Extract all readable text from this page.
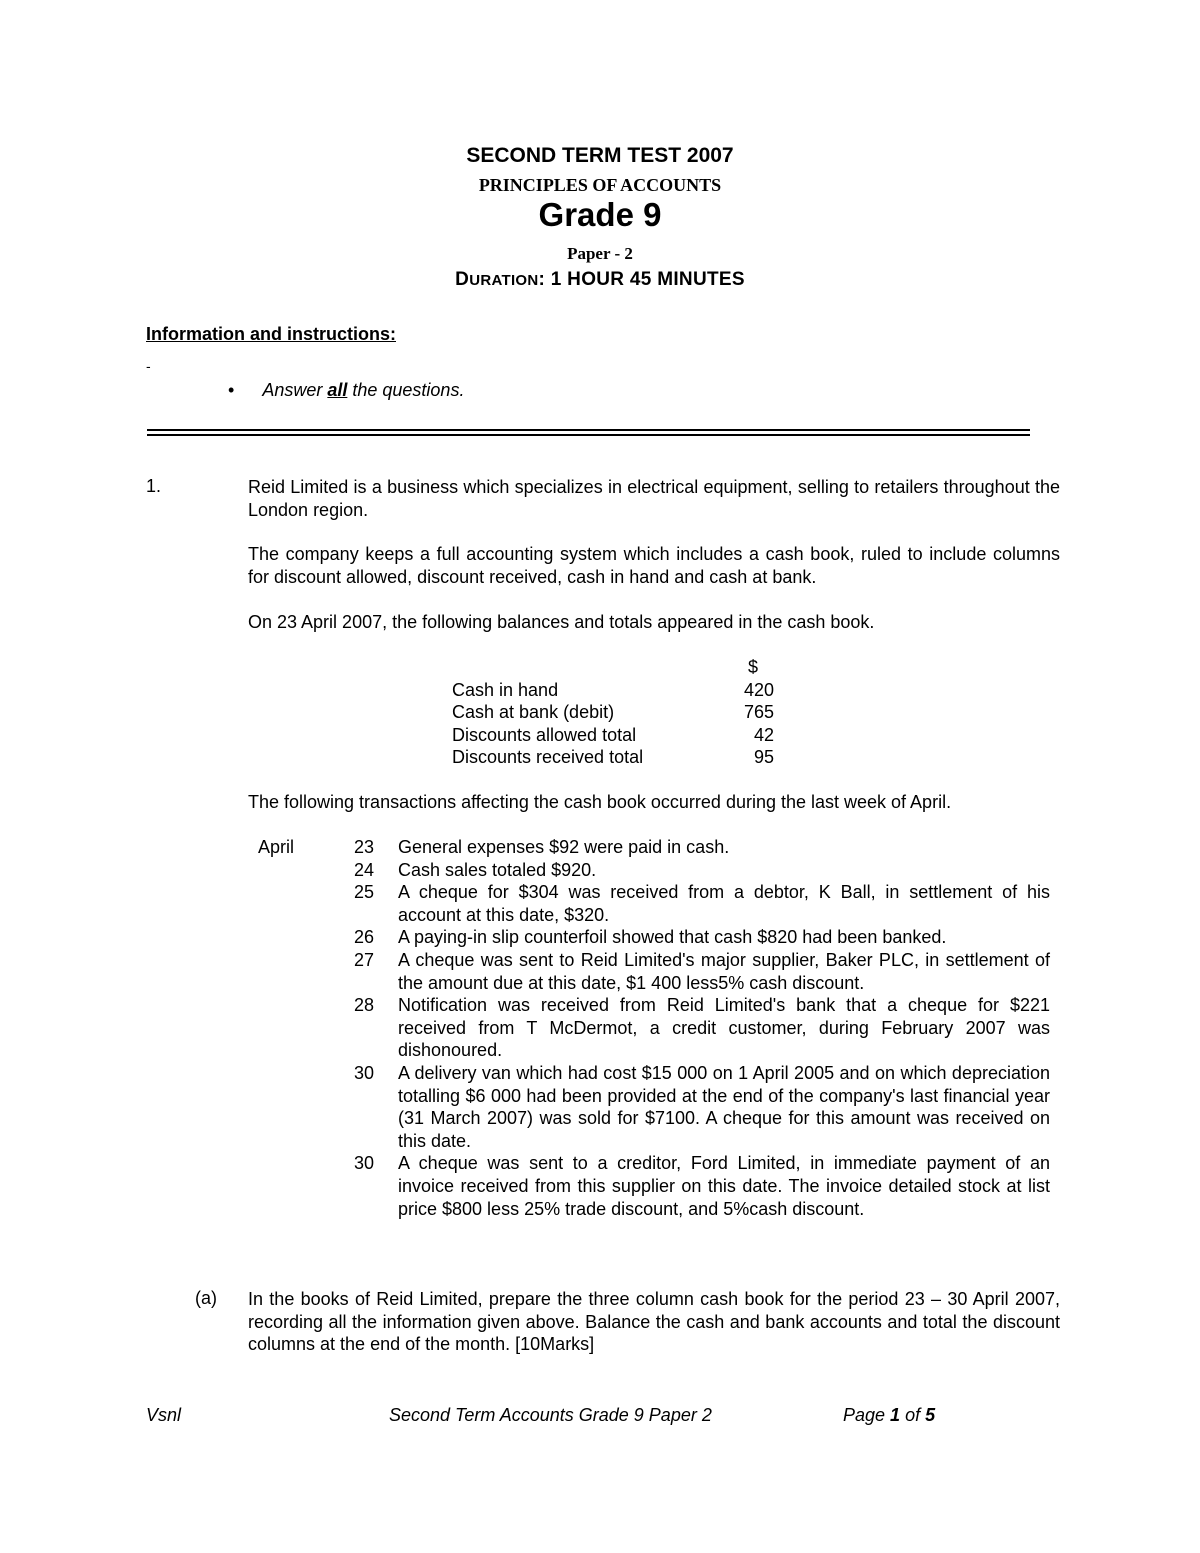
SECOND TERM TEST 2007
PRINCIPLES OF ACCOUNTS
Grade 9
Paper - 2
DURATION: 1 HOUR 45 MINUTES
Information and instructions:
-
• Answer all the questions.
1.	Reid Limited is a business which specializes in electrical equipment, selling to retailers throughout the London region.
The company keeps a full accounting system which includes a cash book, ruled to include columns for discount allowed, discount received, cash in hand and cash at bank.
On 23 April 2007, the following balances and totals appeared in the cash book.
$
Cash in hand	420
Cash at bank (debit)	765
Discounts allowed total	42
Discounts received total	95
The following transactions affecting the cash book occurred during the last week of April.
April	23	General expenses $92 were paid in cash.
24	Cash sales totaled $920.
25	A cheque for $304 was received from a debtor, K Ball, in settlement of his account at this date, $320.
26	A paying-in slip counterfoil showed that cash $820 had been banked.
27	A cheque was sent to Reid Limited's major supplier, Baker PLC, in settlement of the amount due at this date, $1 400 less5% cash discount.
28	Notification was received from Reid Limited's bank that a cheque for $221 received from T McDermot, a credit customer, during February 2007 was dishonoured.
30	A delivery van which had cost $15 000 on 1 April 2005 and on which depreciation totalling $6 000 had been provided at the end of the company's last financial year (31 March 2007) was sold for $7100. A cheque for this amount was received on this date.
30	A cheque was sent to a creditor, Ford Limited, in immediate payment of an invoice received from this supplier on this date. The invoice detailed stock at list price $800 less 25% trade discount, and 5%cash discount.
(a) In the books of Reid Limited, prepare the three column cash book for the period 23 – 30 April 2007, recording all the information given above. Balance the cash and bank accounts and total the discount columns at the end of the month. [10Marks]
Vsnl	Second Term Accounts Grade 9 Paper 2	Page 1 of 5
